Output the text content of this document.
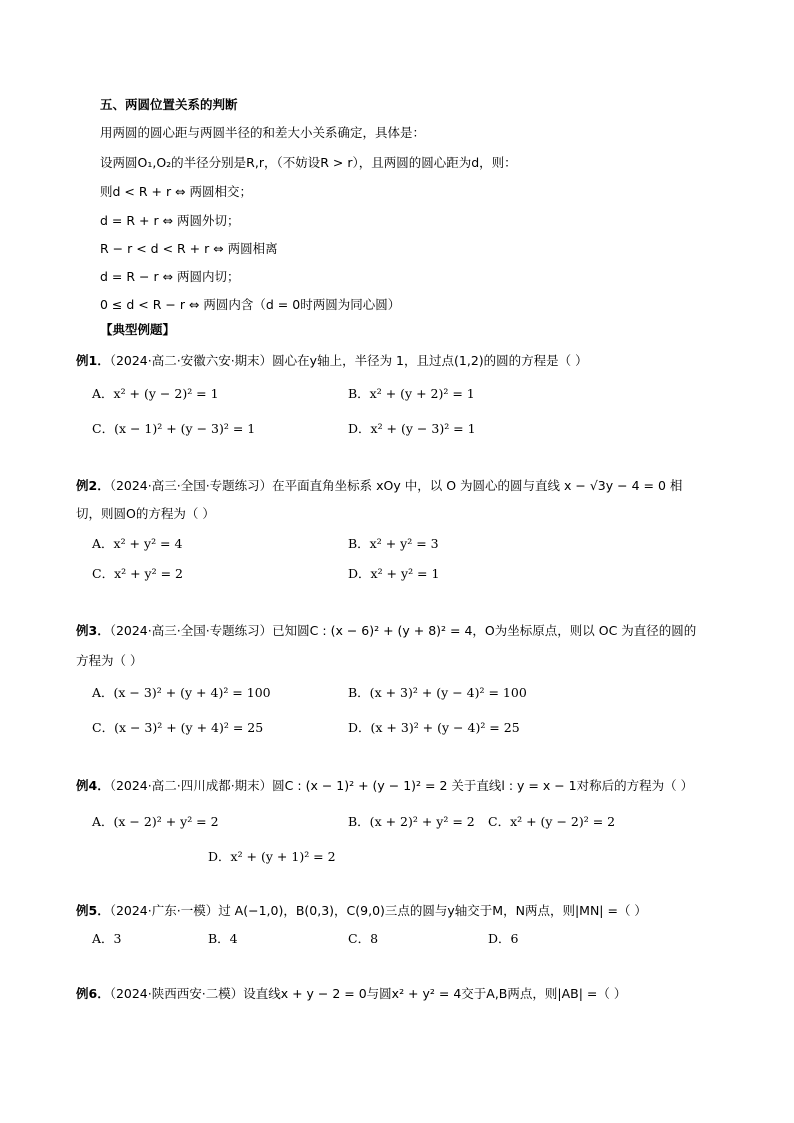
五、两圆位置关系的判断
用两圆的圆心距与两圆半径的和差大小关系确定，具体是：
设两圆O₁,O₂的半径分别是R,r，（不妨设R > r），且两圆的圆心距为d，则：
则d < R + r ⇔ 两圆相交；
d = R + r ⇔ 两圆外切；
R − r < d < R + r ⇔ 两圆相离
d = R − r ⇔ 两圆内切；
0 ≤ d < R − r ⇔ 两圆内含（d = 0时两圆为同心圆）
【典型例题】
例1．（2024·高二·安徽六安·期末）圆心在y轴上，半径为 1，且过点(1,2)的圆的方程是（ ）
A．x² + (y − 2)² = 1	B．x² + (y + 2)² = 1
C．(x − 1)² + (y − 3)² = 1	D．x² + (y − 3)² = 1
例2．（2024·高三·全国·专题练习）在平面直角坐标系 xOy 中，以 O 为圆心的圆与直线 x − √3y − 4 = 0 相
切，则圆O的方程为（ ）
A．x² + y² = 4	B．x² + y² = 3
C．x² + y² = 2	D．x² + y² = 1
例3．（2024·高三·全国·专题练习）已知圆C : (x − 6)² + (y + 8)² = 4，O为坐标原点，则以 OC 为直径的圆的
方程为（ ）
A．(x − 3)² + (y + 4)² = 100	B．(x + 3)² + (y − 4)² = 100
C．(x − 3)² + (y + 4)² = 25	D．(x + 3)² + (y − 4)² = 25
例4．（2024·高二·四川成都·期末）圆C : (x − 1)² + (y − 1)² = 2 关于直线l : y = x − 1对称后的方程为（ ）
A．(x − 2)² + y² = 2	B．(x + 2)² + y² = 2 C．x² + (y − 2)² = 2
D．x² + (y + 1)² = 2
例5．（2024·广东·一模）过 A(−1,0)，B(0,3)，C(9,0)三点的圆与y轴交于M，N两点，则|MN| =（ ）
A．3	B．4	C．8	D．6
例6．（2024·陕西西安·二模）设直线x + y − 2 = 0与圆x² + y² = 4交于A,B两点，则|AB| =（ ）
